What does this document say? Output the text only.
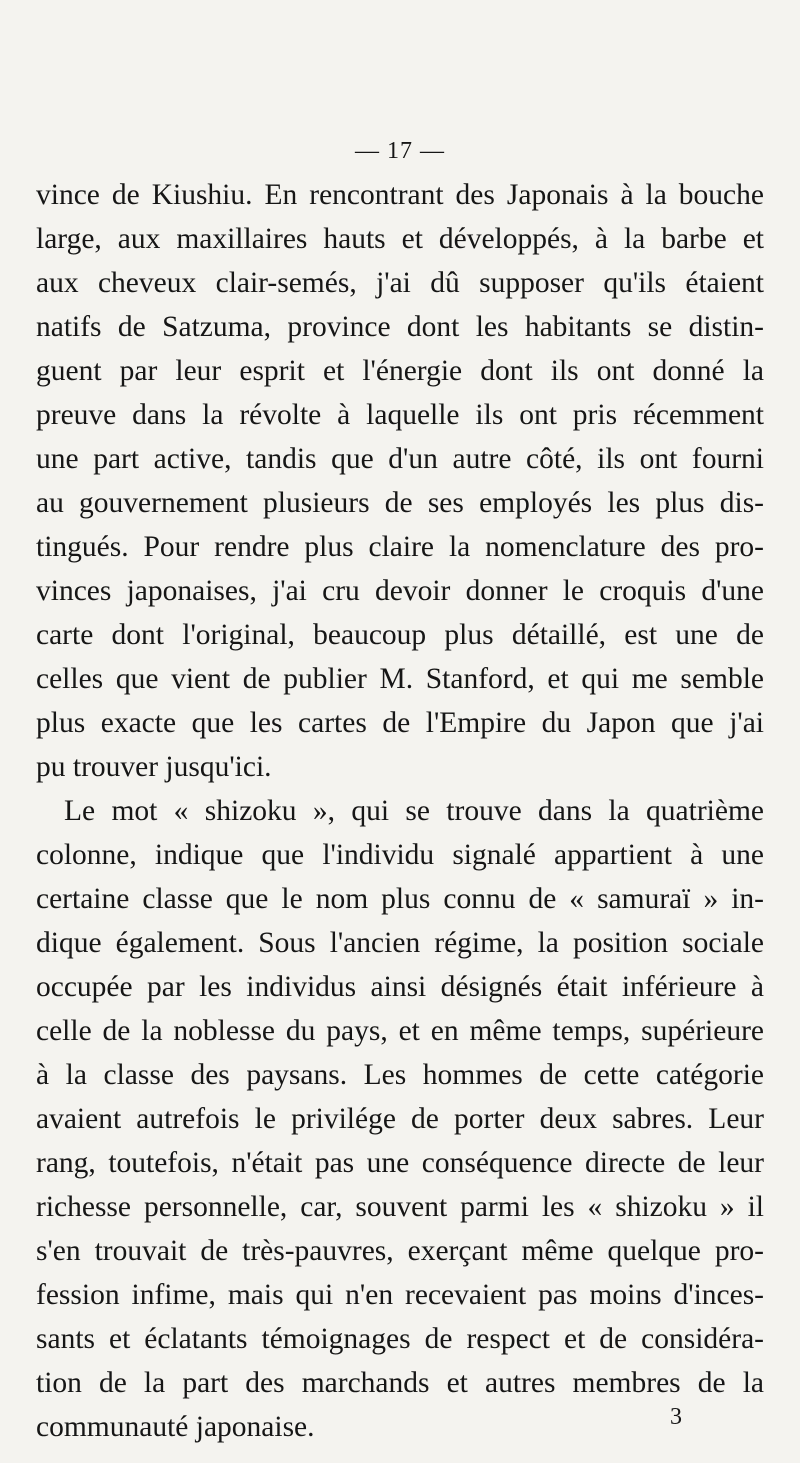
— 17 —
vince de Kiushiu. En rencontrant des Japonais à la bouche
large, aux maxillaires hauts et développés, à la barbe et
aux cheveux clair-semés, j'ai dû supposer qu'ils étaient
natifs de Satzuma, province dont les habitants se distin-
guent par leur esprit et l'énergie dont ils ont donné la
preuve dans la révolte à laquelle ils ont pris récemment
une part active, tandis que d'un autre côté, ils ont fourni
au gouvernement plusieurs de ses employés les plus dis-
tingués. Pour rendre plus claire la nomenclature des pro-
vinces japonaises, j'ai cru devoir donner le croquis d'une
carte dont l'original, beaucoup plus détaillé, est une de
celles que vient de publier M. Stanford, et qui me semble
plus exacte que les cartes de l'Empire du Japon que j'ai
pu trouver jusqu'ici.
Le mot « shizoku », qui se trouve dans la quatrième
colonne, indique que l'individu signalé appartient à une
certaine classe que le nom plus connu de « samuraï » in-
dique également. Sous l'ancien régime, la position sociale
occupée par les individus ainsi désignés était inférieure à
celle de la noblesse du pays, et en même temps, supérieure
à la classe des paysans. Les hommes de cette catégorie
avaient autrefois le privilége de porter deux sabres. Leur
rang, toutefois, n'était pas une conséquence directe de leur
richesse personnelle, car, souvent parmi les « shizoku » il
s'en trouvait de très-pauvres, exerçant même quelque pro-
fession infime, mais qui n'en recevaient pas moins d'inces-
sants et éclatants témoignages de respect et de considéra-
tion de la part des marchands et autres membres de la
communauté japonaise.	3
